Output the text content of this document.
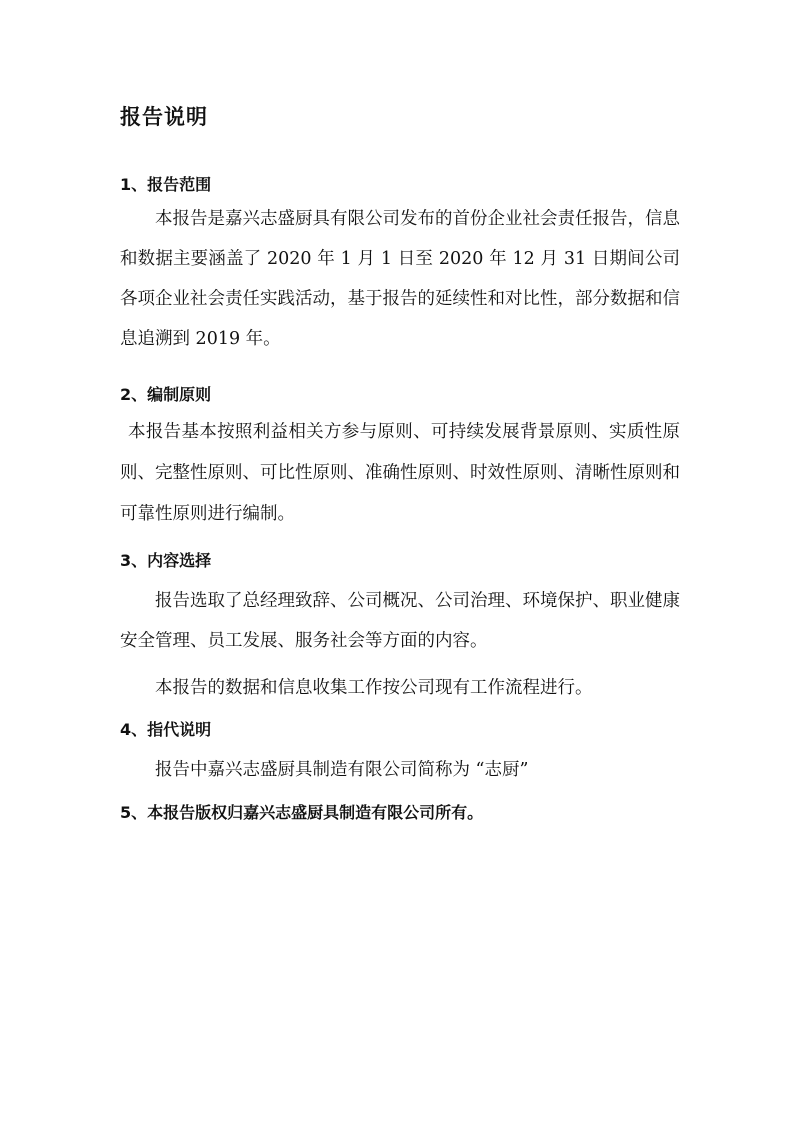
报告说明
1、报告范围

本报告是嘉兴志盛厨具有限公司发布的首份企业社会责任报告，信息和数据主要涵盖了 2020 年 1 月 1 日至 2020 年 12 月 31 日期间公司各项企业社会责任实践活动，基于报告的延续性和对比性，部分数据和信息追溯到 2019 年。

2、编制原则

本报告基本按照利益相关方参与原则、可持续发展背景原则、实质性原则、完整性原则、可比性原则、准确性原则、时效性原则、清晰性原则和可靠性原则进行编制。

3、内容选择

报告选取了总经理致辞、公司概况、公司治理、环境保护、职业健康安全管理、员工发展、服务社会等方面的内容。

本报告的数据和信息收集工作按公司现有工作流程进行。
4、指代说明
报告中嘉兴志盛厨具制造有限公司简称为 “志厨”
5、本报告版权归嘉兴志盛厨具制造有限公司所有。
